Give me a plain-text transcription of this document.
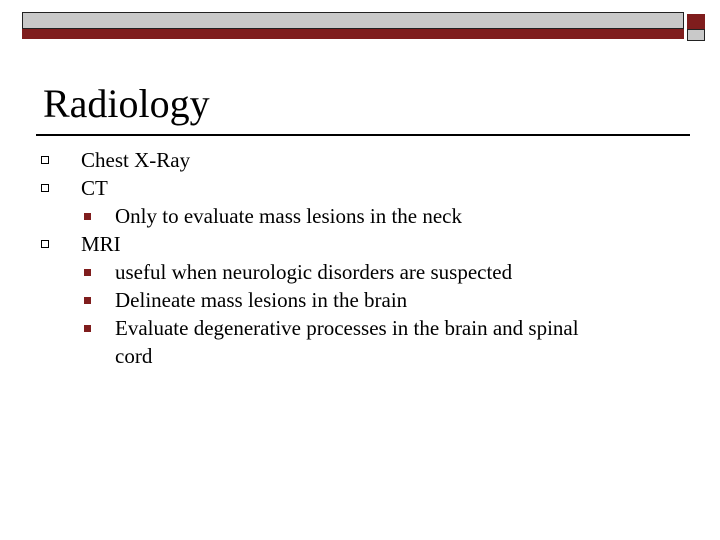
Radiology
Chest X-Ray
CT
Only to evaluate mass lesions in the neck
MRI
useful when neurologic disorders are suspected
Delineate mass lesions in the brain
Evaluate degenerative processes in the brain and spinal
cord
